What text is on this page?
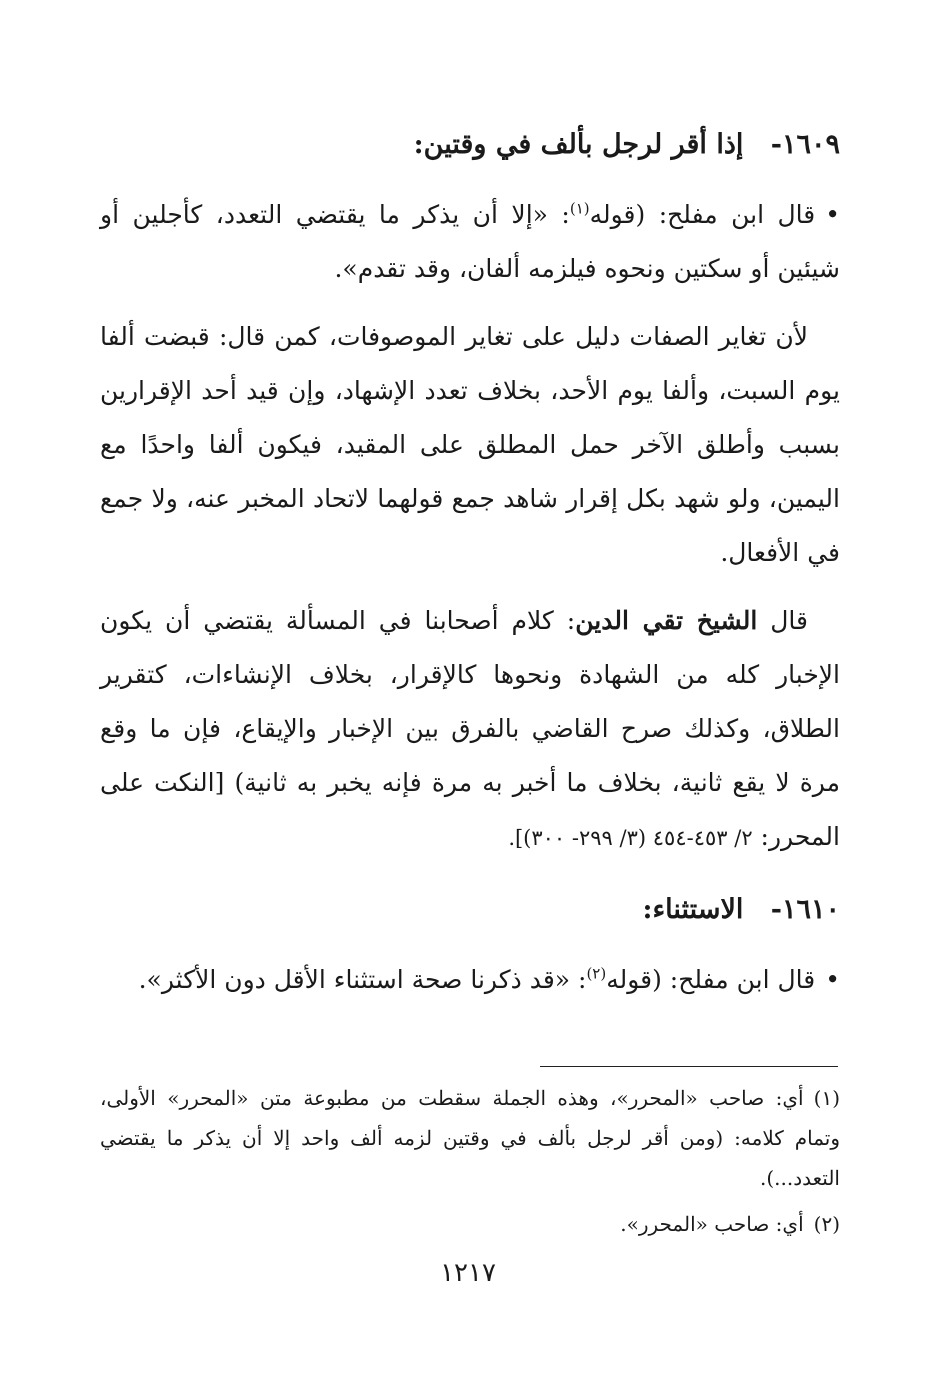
١٦٠٩- إذا أقر لرجل بألف في وقتين:

•قال ابن مفلح: (قوله$^{(١)}$: «إلا أن يذكر ما يقتضي التعدد، كأجلين أو شيئين أو سكتين ونحوه فيلزمه ألفان، وقد تقدم».

لأن تغاير الصفات دليل على تغاير الموصوفات، كمن قال: قبضت ألفا يوم السبت، وألفا يوم الأحد، بخلاف تعدد الإشهاد، وإن قيد أحد الإقرارين بسبب وأطلق الآخر حمل المطلق على المقيد، فيكون ألفا واحدًا مع اليمين، ولو شهد بكل إقرار شاهد جمع قولهما لاتحاد المخبر عنه، ولا جمع في الأفعال.

قال الشيخ تقي الدين: كلام أصحابنا في المسألة يقتضي أن يكون الإخبار كله من الشهادة ونحوها كالإقرار، بخلاف الإنشاءات، كتقرير الطلاق، وكذلك صرح القاضي بالفرق بين الإخبار والإيقاع، فإن ما وقع مرة لا يقع ثانية، بخلاف ما أخبر به مرة فإنه يخبر به ثانية) [النكت على المحرر: ٢/ ٤٥٣-٤٥٤ (٣/ ٢٩٩- ٣٠٠)].

١٦١٠- الاستثناء:

•قال ابن مفلح: (قوله$^{(٢)}$: «قد ذكرنا صحة استثناء الأقل دون الأكثر».

(١)أي: صاحب «المحرر»، وهذه الجملة سقطت من مطبوعة متن «المحرر» الأولى، وتمام كلامه: (ومن أقر لرجل بألف في وقتين لزمه ألف واحد إلا أن يذكر ما يقتضي التعدد...).

(٢)أي: صاحب «المحرر».

١٢١٧
